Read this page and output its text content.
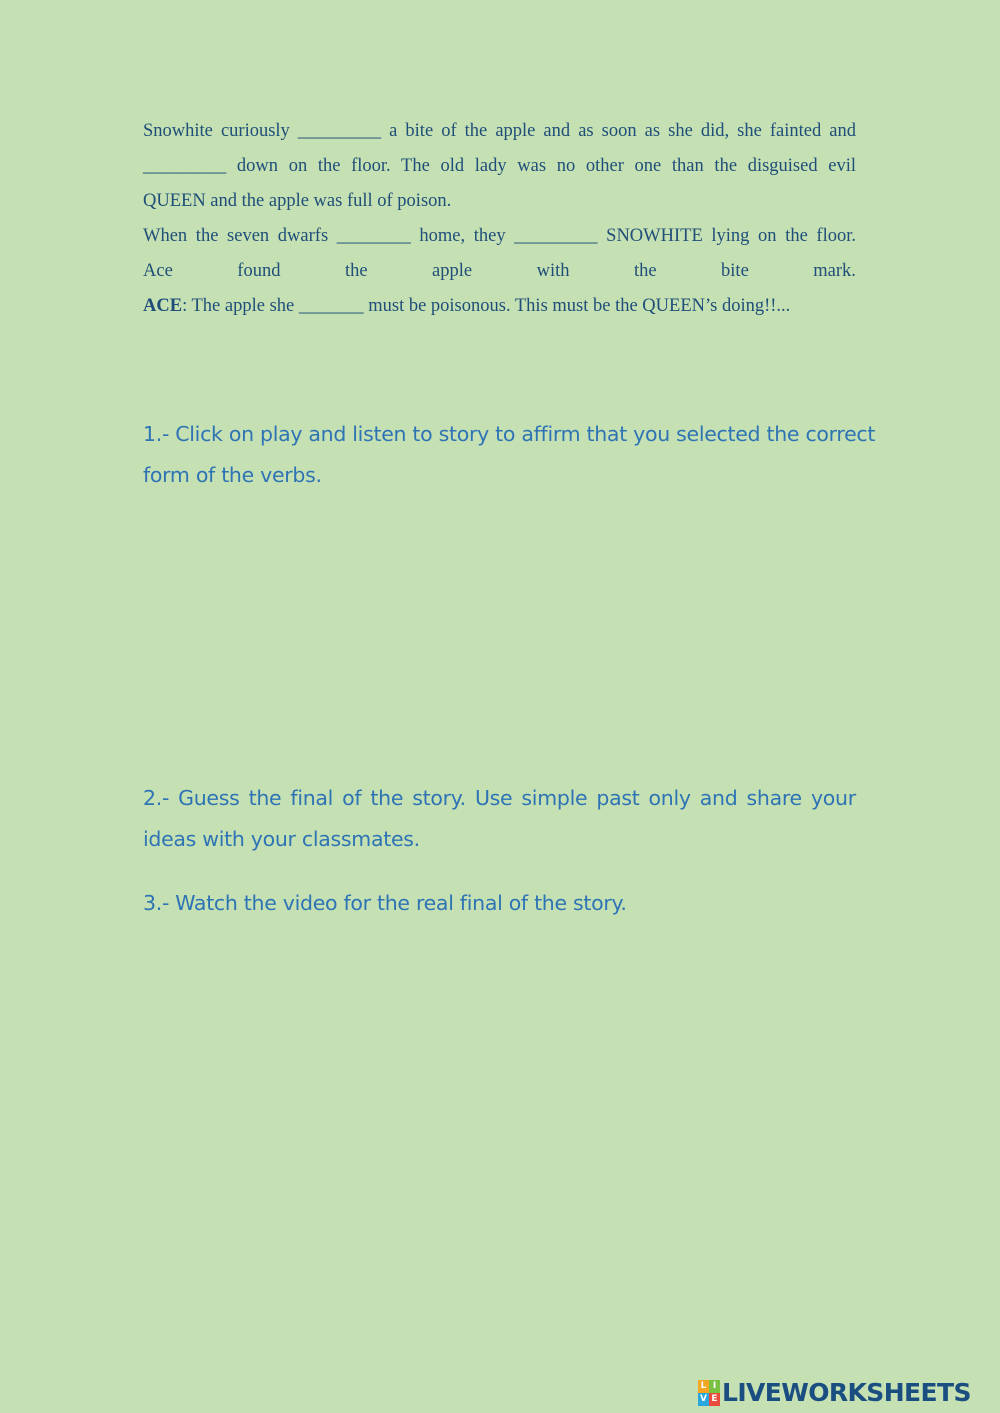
Snowhite curiously _________ a bite of the apple and as soon as she did, she fainted and
_________ down on the floor. The old lady was no other one than the disguised evil
QUEEN and the apple was full of poison.
When the seven dwarfs ________ home, they _________ SNOWHITE lying on the floor.
Ace	found	the	apple	with	the	bite	mark.
ACE: The apple she _______ must be poisonous. This must be the QUEEN’s doing!!...
1.- Click on play and listen to story to affirm that you selected the correct
form of the verbs.
2.- Guess the final of the story. Use simple past only and share your
ideas with your classmates.
3.- Watch the video for the real final of the story.
L I
V E LIVEWORKSHEETS
